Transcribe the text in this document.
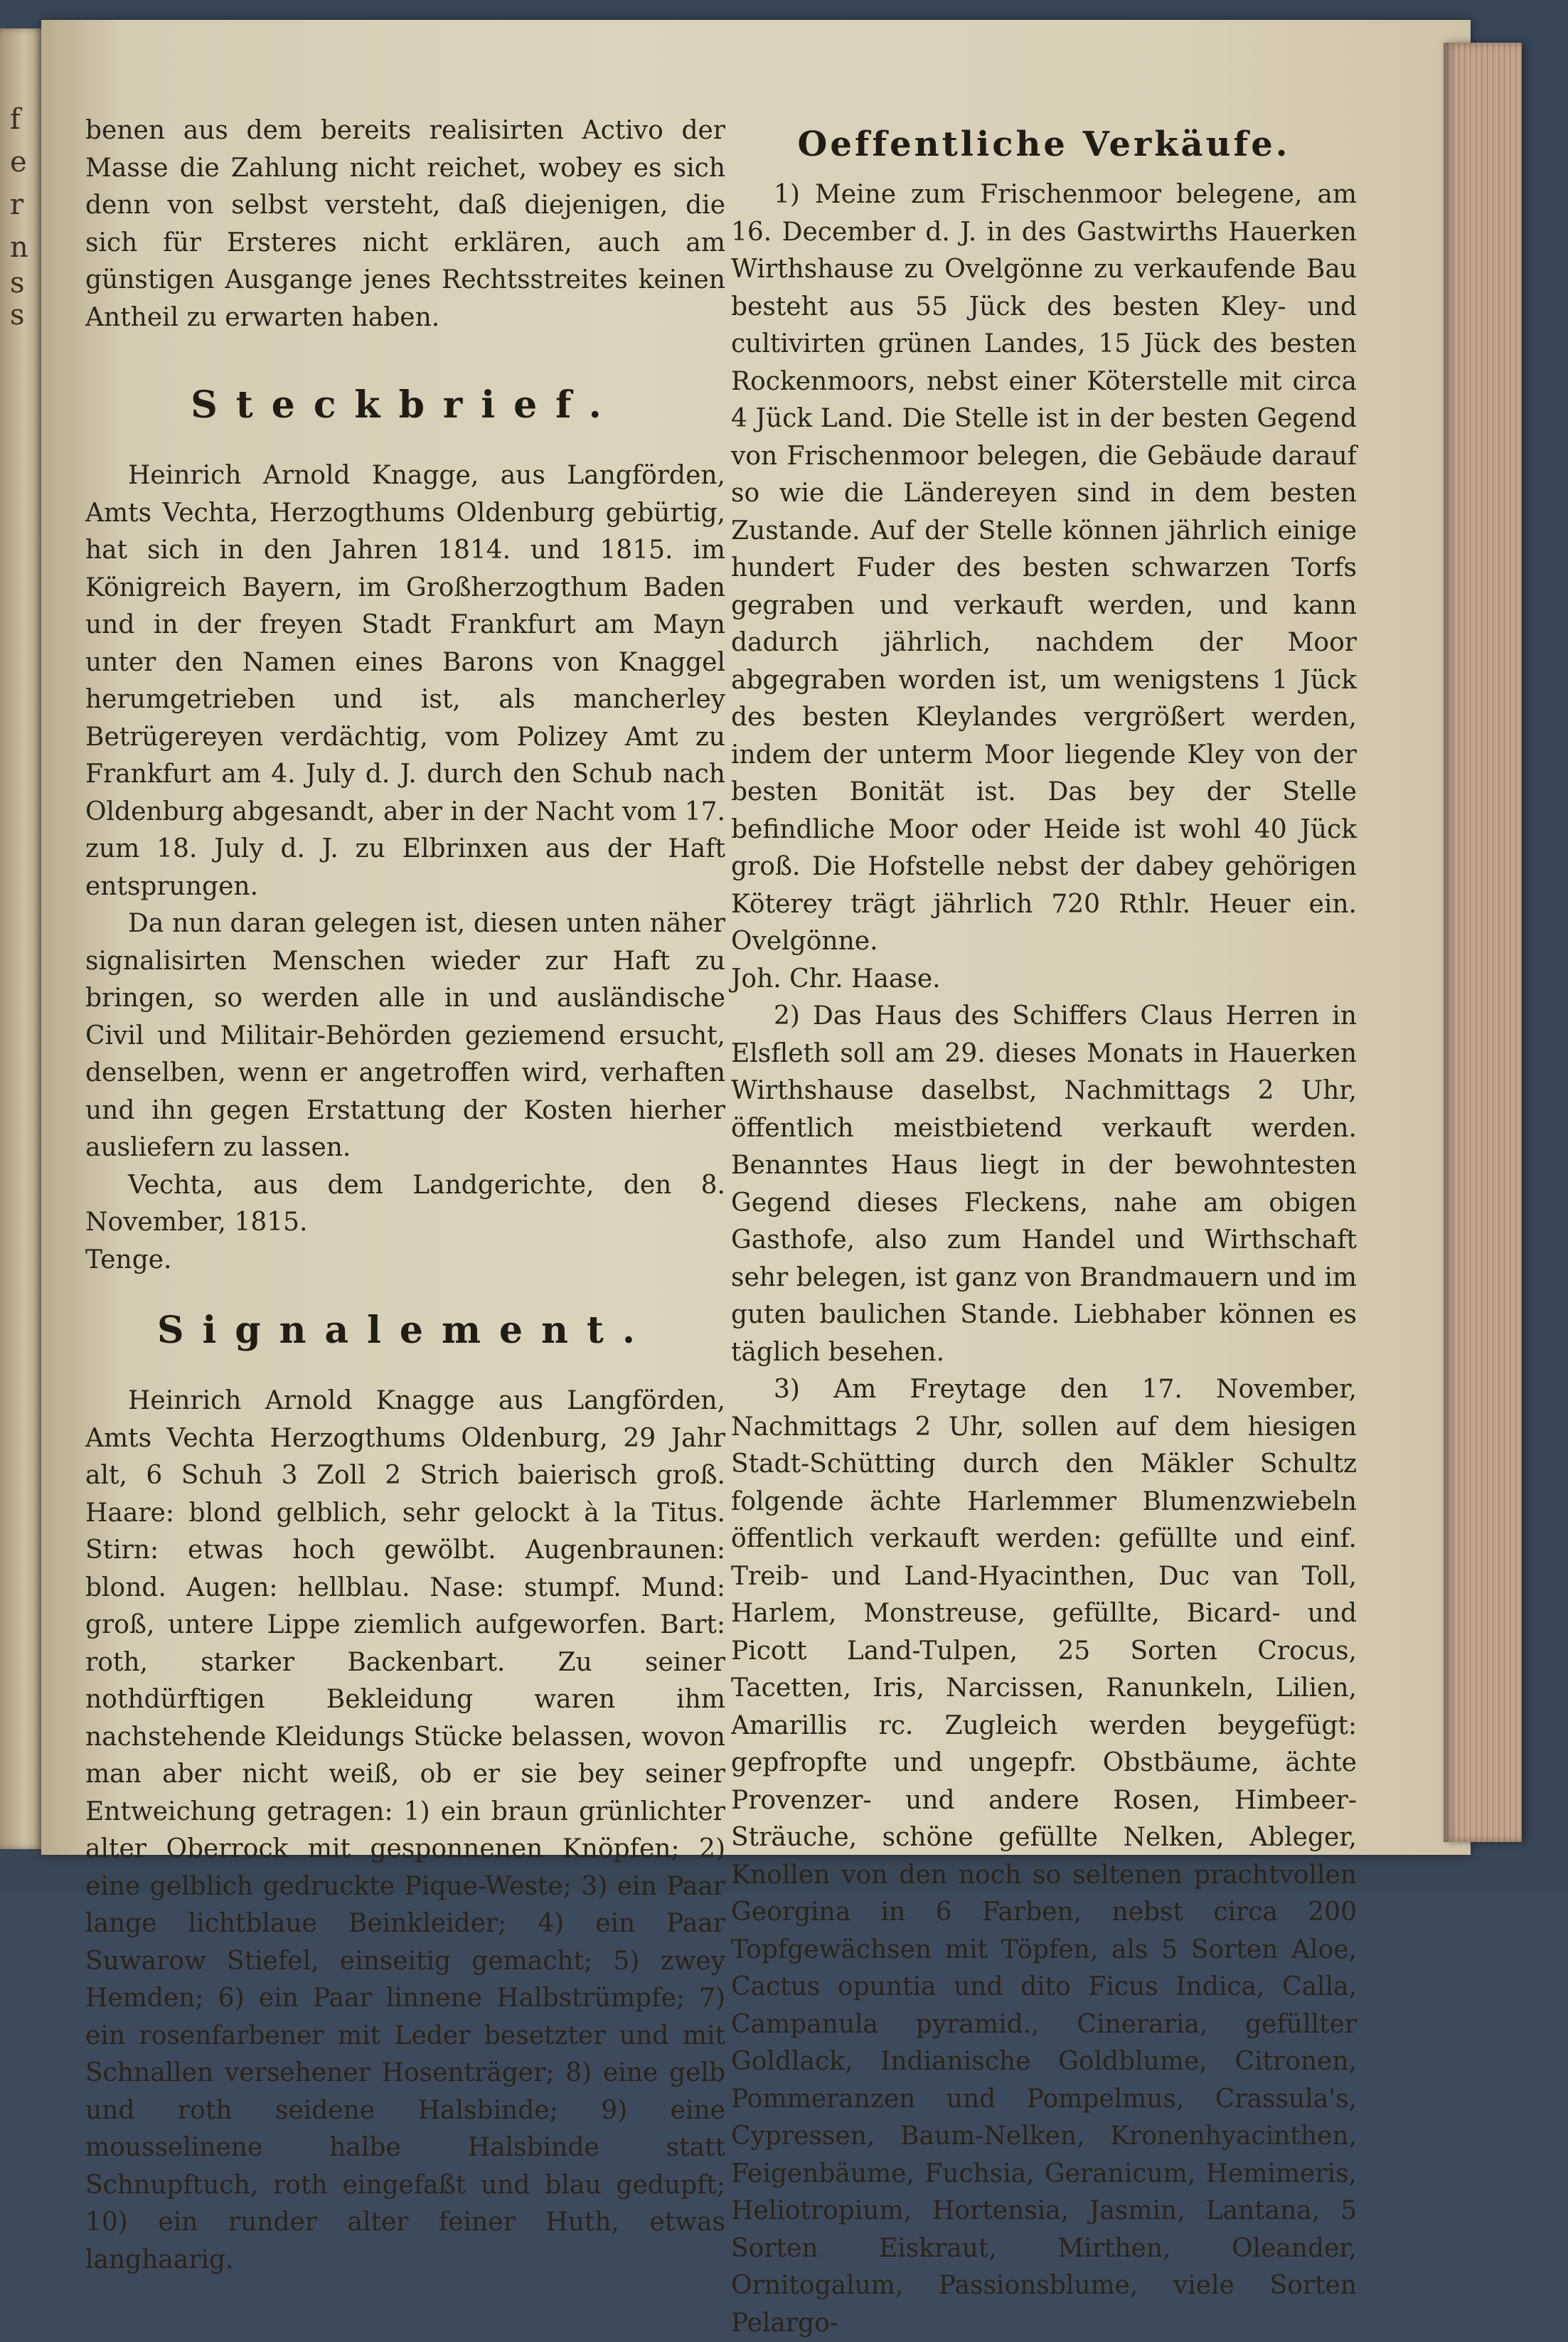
f
e
r
n
s
s

benen aus dem bereits realisirten Activo der Masse die Zahlung nicht reichet, wobey es sich denn von selbst versteht, daß diejenigen, die sich für Ersteres nicht erklären, auch am günstigen Ausgange jenes Rechtsstreites keinen Antheil zu erwarten haben.

Steckbrief.

Heinrich Arnold Knagge, aus Langförden, Amts Vechta, Herzogthums Oldenburg gebürtig, hat sich in den Jahren 1814. und 1815. im Königreich Bayern, im Großherzogthum Baden und in der freyen Stadt Frankfurt am Mayn unter den Namen eines Barons von Knaggel herumgetrieben und ist, als mancherley Betrügereyen verdächtig, vom Polizey Amt zu Frankfurt am 4. July d. J. durch den Schub nach Oldenburg abgesandt, aber in der Nacht vom 17. zum 18. July d. J. zu Elbrinxen aus der Haft entsprungen.

Da nun daran gelegen ist, diesen unten näher signalisirten Menschen wieder zur Haft zu bringen, so werden alle in und ausländische Civil und Militair-Behörden geziemend ersucht, denselben, wenn er angetroffen wird, verhaften und ihn gegen Erstattung der Kosten hierher ausliefern zu lassen.

Vechta, aus dem Landgerichte, den 8. November, 1815.

Tenge.

Signalement.

Heinrich Arnold Knagge aus Langförden, Amts Vechta Herzogthums Oldenburg, 29 Jahr alt, 6 Schuh 3 Zoll 2 Strich baierisch groß. Haare: blond gelblich, sehr gelockt à la Titus. Stirn: etwas hoch gewölbt. Augenbraunen: blond. Augen: hellblau. Nase: stumpf. Mund: groß, untere Lippe ziemlich aufgeworfen. Bart: roth, starker Backenbart. Zu seiner nothdürftigen Bekleidung waren ihm nachstehende Kleidungs Stücke belassen, wovon man aber nicht weiß, ob er sie bey seiner Entweichung getragen: 1) ein braun grünlichter alter Oberrock mit gesponnenen Knöpfen; 2) eine gelblich gedruckte Pique-Weste; 3) ein Paar lange lichtblaue Beinkleider; 4) ein Paar Suwarow Stiefel, einseitig gemacht; 5) zwey Hemden; 6) ein Paar linnene Halbstrümpfe; 7) ein rosenfarbener mit Leder besetzter und mit Schnallen versehener Hosenträger; 8) eine gelb und roth seidene Halsbinde; 9) eine mousselinene halbe Halsbinde statt Schnupftuch, roth eingefaßt und blau gedupft; 10) ein runder alter feiner Huth, etwas langhaarig.

Oeffentliche Verkäufe.

1) Meine zum Frischenmoor belegene, am 16. December d. J. in des Gastwirths Hauerken Wirthshause zu Ovelgönne zu verkaufende Bau besteht aus 55 Jück des besten Kley- und cultivirten grünen Landes, 15 Jück des besten Rockenmoors, nebst einer Köterstelle mit circa 4 Jück Land. Die Stelle ist in der besten Gegend von Frischenmoor belegen, die Gebäude darauf so wie die Ländereyen sind in dem besten Zustande. Auf der Stelle können jährlich einige hundert Fuder des besten schwarzen Torfs gegraben und verkauft werden, und kann dadurch jährlich, nachdem der Moor abgegraben worden ist, um wenigstens 1 Jück des besten Kleylandes vergrößert werden, indem der unterm Moor liegende Kley von der besten Bonität ist. Das bey der Stelle befindliche Moor oder Heide ist wohl 40 Jück groß. Die Hofstelle nebst der dabey gehörigen Köterey trägt jährlich 720 Rthlr. Heuer ein. Ovelgönne.

Joh. Chr. Haase.

2) Das Haus des Schiffers Claus Herren in Elsfleth soll am 29. dieses Monats in Hauerken Wirthshause daselbst, Nachmittags 2 Uhr, öffentlich meistbietend verkauft werden. Benanntes Haus liegt in der bewohntesten Gegend dieses Fleckens, nahe am obigen Gasthofe, also zum Handel und Wirthschaft sehr belegen, ist ganz von Brandmauern und im guten baulichen Stande. Liebhaber können es täglich besehen.

3) Am Freytage den 17. November, Nachmittags 2 Uhr, sollen auf dem hiesigen Stadt-Schütting durch den Mäkler Schultz folgende ächte Harlemmer Blumenzwiebeln öffentlich verkauft werden: gefüllte und einf. Treib- und Land-Hyacinthen, Duc van Toll, Harlem, Monstreuse, gefüllte, Bicard- und Picott Land-Tulpen, 25 Sorten Crocus, Tacetten, Iris, Narcissen, Ranunkeln, Lilien, Amarillis rc. Zugleich werden beygefügt: gepfropfte und ungepfr. Obstbäume, ächte Provenzer- und andere Rosen, Himbeer-Sträuche, schöne gefüllte Nelken, Ableger, Knollen von den noch so seltenen prachtvollen Georgina in 6 Farben, nebst circa 200 Topfgewächsen mit Töpfen, als 5 Sorten Aloe, Cactus opuntia und dito Ficus Indica, Calla, Campanula pyramid., Cineraria, gefüllter Goldlack, Indianische Goldblume, Citronen, Pommeranzen und Pompelmus, Crassula's, Cypressen, Baum-Nelken, Kronenhyacinthen, Feigenbäume, Fuchsia, Geranicum, Hemimeris, Heliotropium, Hortensia, Jasmin, Lantana, 5 Sorten Eiskraut, Mirthen, Oleander, Ornitogalum, Passionsblume, viele Sorten Pelargo-
